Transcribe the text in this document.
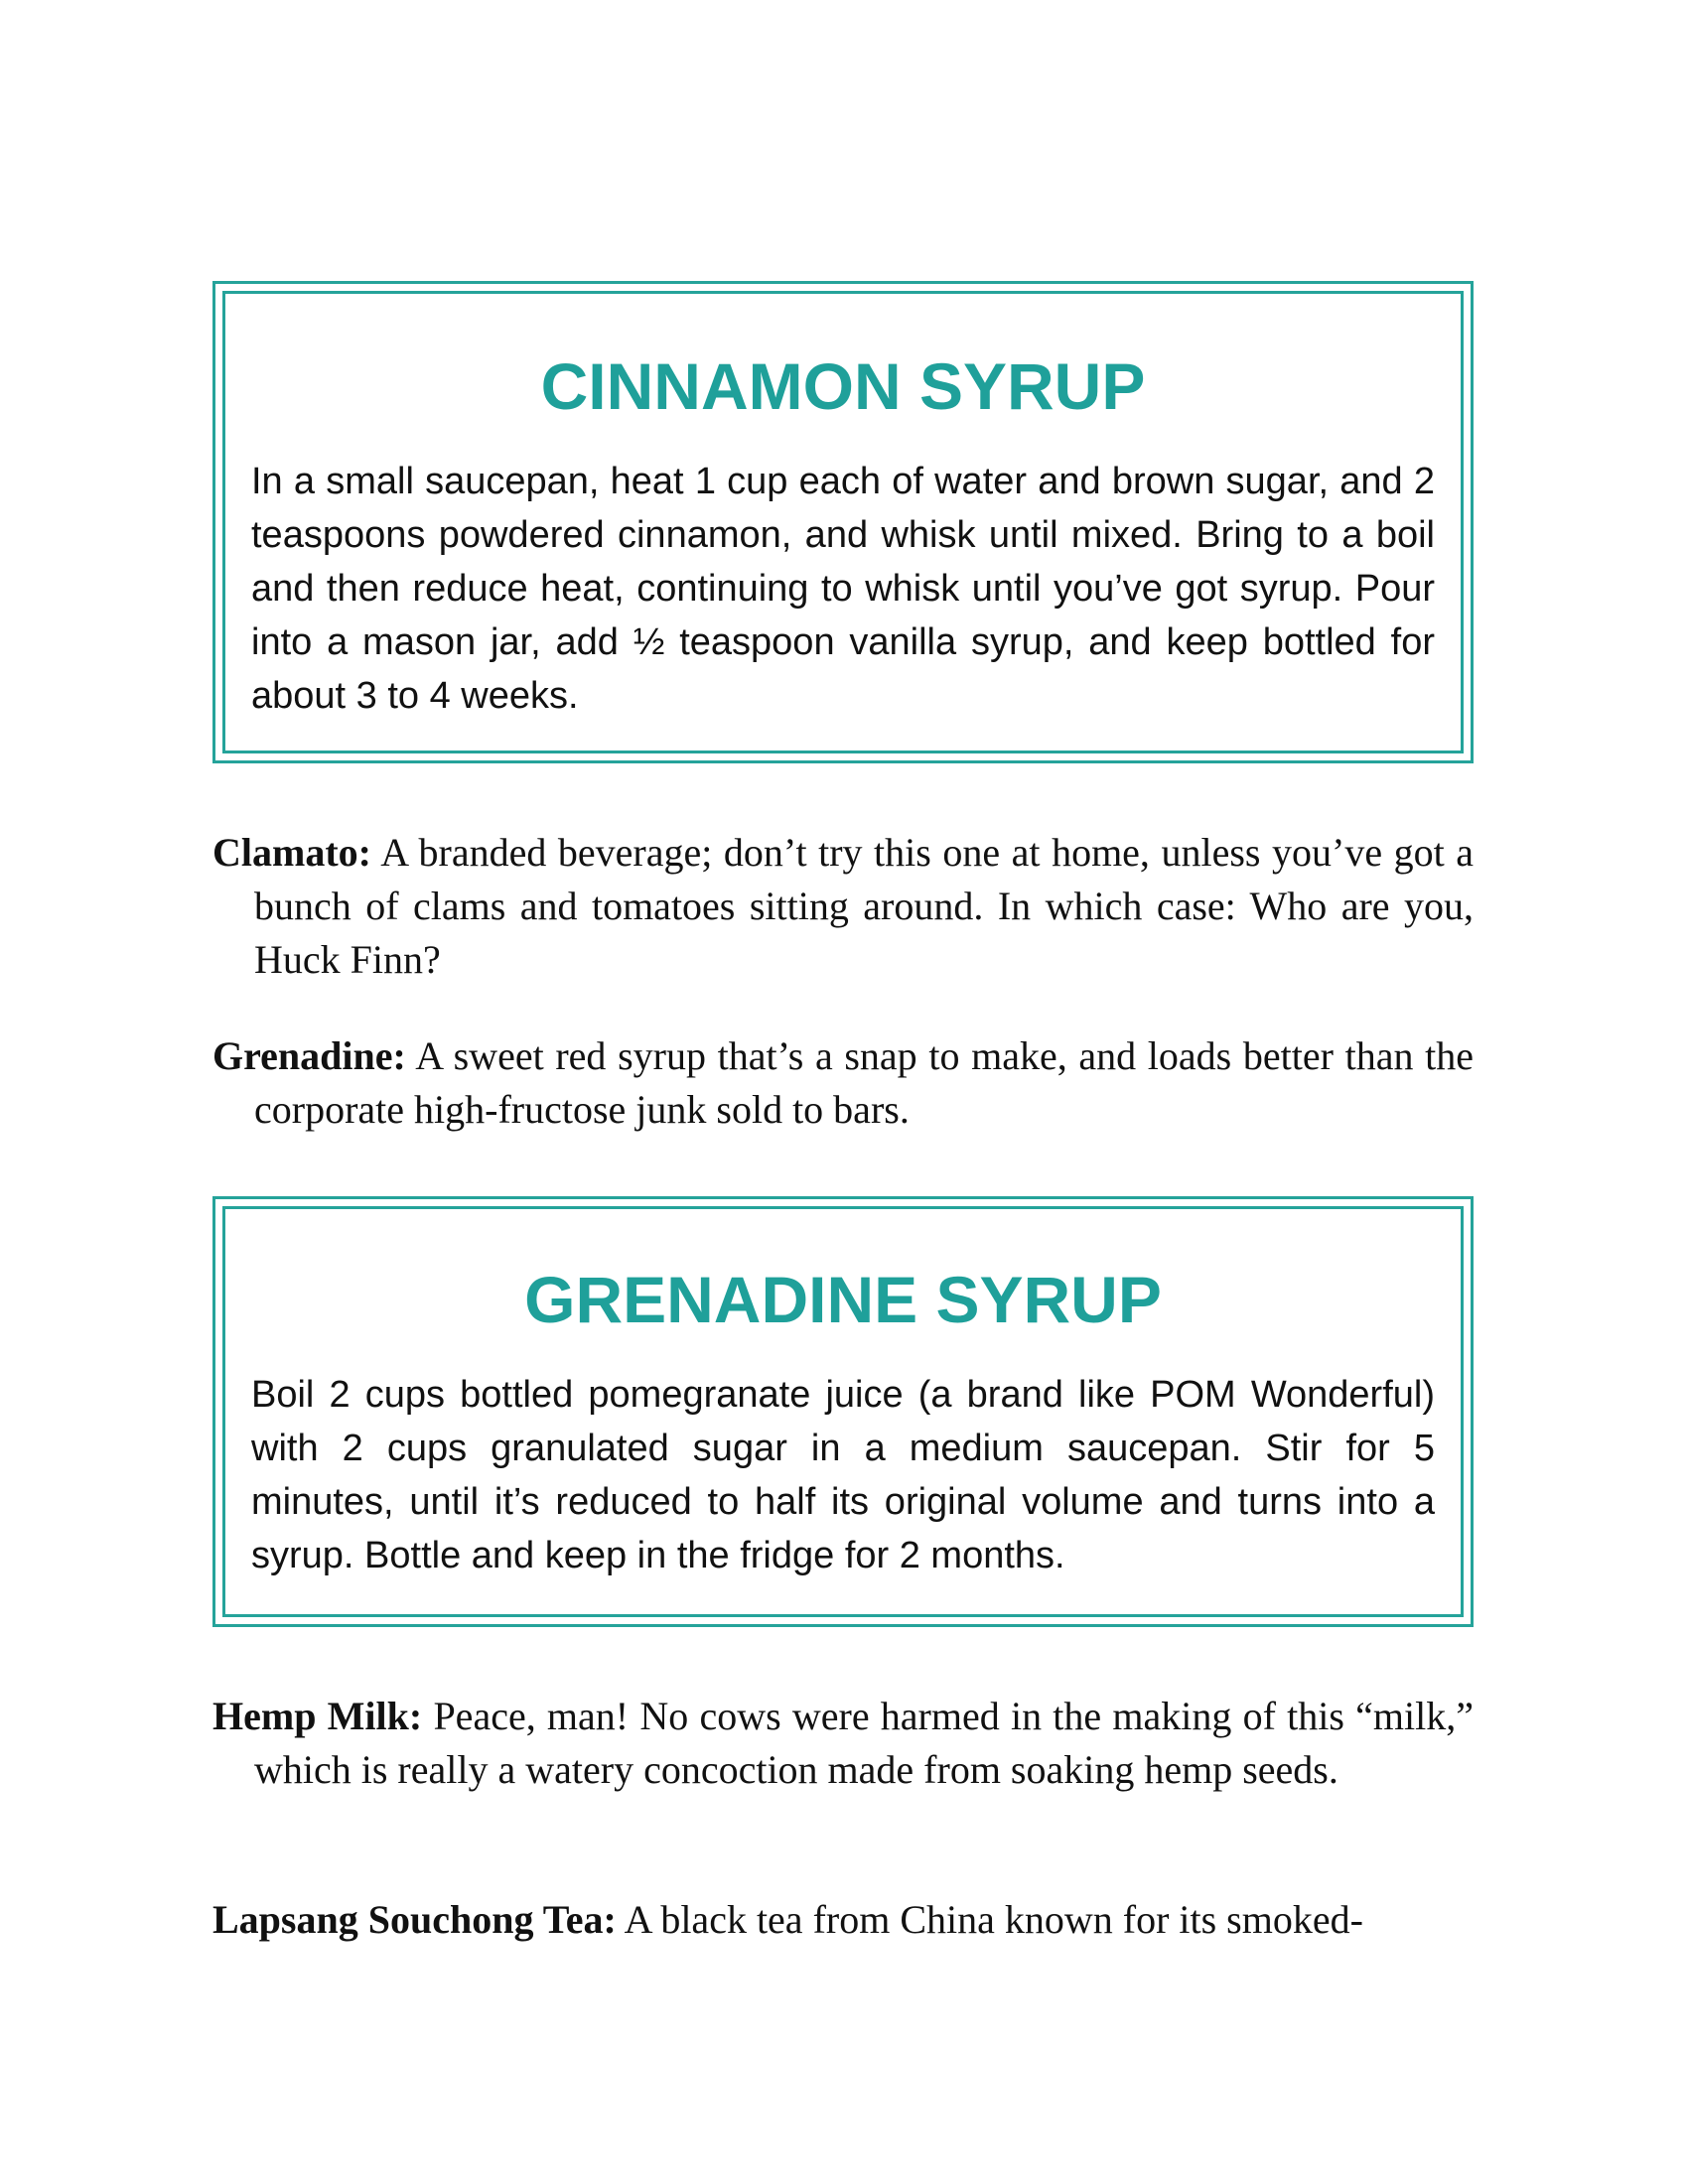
CINNAMON SYRUP

In a small saucepan, heat 1 cup each of water and brown sugar, and 2 teaspoons powdered cinnamon, and whisk until mixed. Bring to a boil and then reduce heat, continuing to whisk until you’ve got syrup. Pour into a mason jar, add ½ teaspoon vanilla syrup, and keep bottled for about 3 to 4 weeks.

Clamato: A branded beverage; don’t try this one at home, unless you’ve got a bunch of clams and tomatoes sitting around. In which case: Who are you, Huck Finn?

Grenadine: A sweet red syrup that’s a snap to make, and loads better than the corporate high-fructose junk sold to bars.

GRENADINE SYRUP

Boil 2 cups bottled pomegranate juice (a brand like POM Wonderful) with 2 cups granulated sugar in a medium saucepan. Stir for 5 minutes, until it’s reduced to half its original volume and turns into a syrup. Bottle and keep in the fridge for 2 months.

Hemp Milk: Peace, man! No cows were harmed in the making of this “milk,” which is really a watery concoction made from soaking hemp seeds.

Lapsang Souchong Tea: A black tea from China known for its smoked-
